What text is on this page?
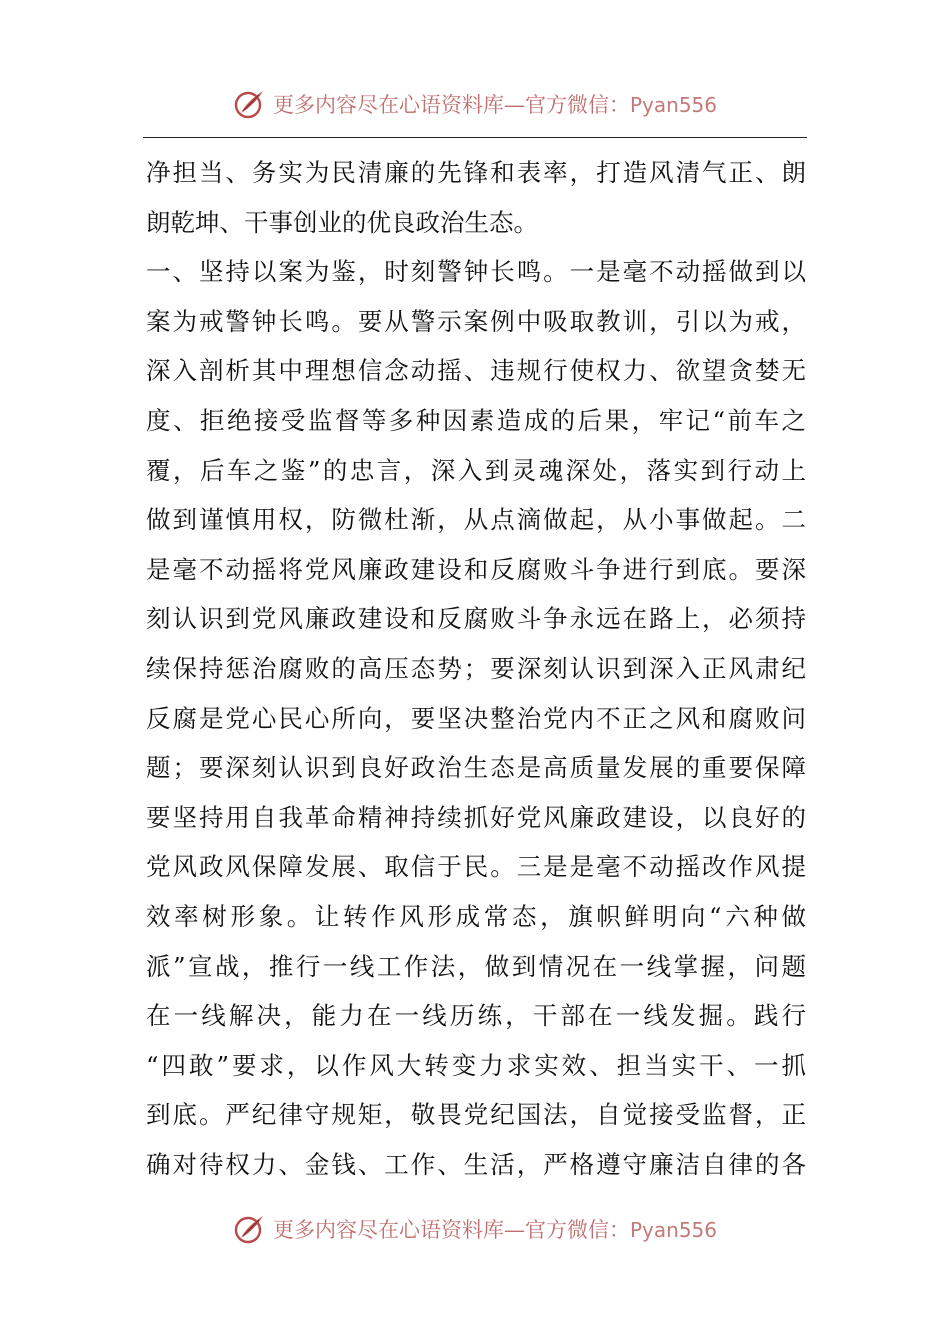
更多内容尽在心语资料库—官方微信：Pyan556
净担当、务实为民清廉的先锋和表率，打造风清气正、朗
朗乾坤、干事创业的优良政治生态。
一、坚持以案为鉴，时刻警钟长鸣。一是毫不动摇做到以
案为戒警钟长鸣。要从警示案例中吸取教训，引以为戒，
深入剖析其中理想信念动摇、违规行使权力、欲望贪婪无
度、拒绝接受监督等多种因素造成的后果，牢记“前车之
覆，后车之鉴”的忠言，深入到灵魂深处，落实到行动上
做到谨慎用权，防微杜渐，从点滴做起，从小事做起。二
是毫不动摇将党风廉政建设和反腐败斗争进行到底。要深
刻认识到党风廉政建设和反腐败斗争永远在路上，必须持
续保持惩治腐败的高压态势；要深刻认识到深入正风肃纪
反腐是党心民心所向，要坚决整治党内不正之风和腐败问
题；要深刻认识到良好政治生态是高质量发展的重要保障
要坚持用自我革命精神持续抓好党风廉政建设，以良好的
党风政风保障发展、取信于民。三是是毫不动摇改作风提
效率树形象。让转作风形成常态，旗帜鲜明向“六种做
派”宣战，推行一线工作法，做到情况在一线掌握，问题
在一线解决，能力在一线历练，干部在一线发掘。践行
“四敢”要求，以作风大转变力求实效、担当实干、一抓
到底。严纪律守规矩，敬畏党纪国法，自觉接受监督，正
确对待权力、金钱、工作、生活，严格遵守廉洁自律的各
更多内容尽在心语资料库—官方微信：Pyan556
